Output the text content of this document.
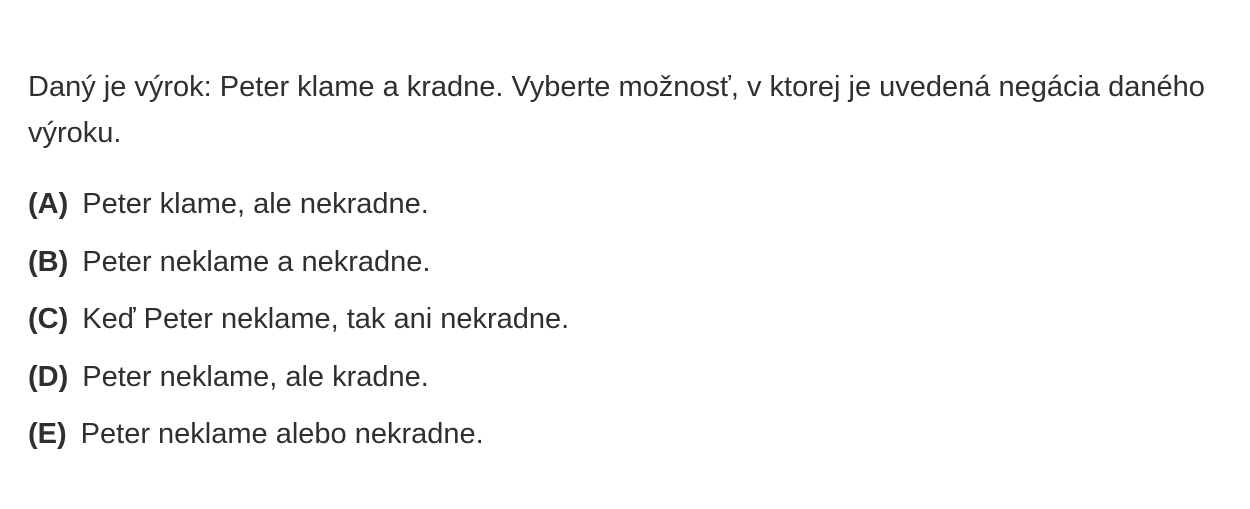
Daný je výrok: Peter klame a kradne. Vyberte možnosť, v ktorej je uvedená negácia daného výroku.

(A) Peter klame, ale nekradne.
(B) Peter neklame a nekradne.
(C) Keď Peter neklame, tak ani nekradne.
(D) Peter neklame, ale kradne.
(E) Peter neklame alebo nekradne.
